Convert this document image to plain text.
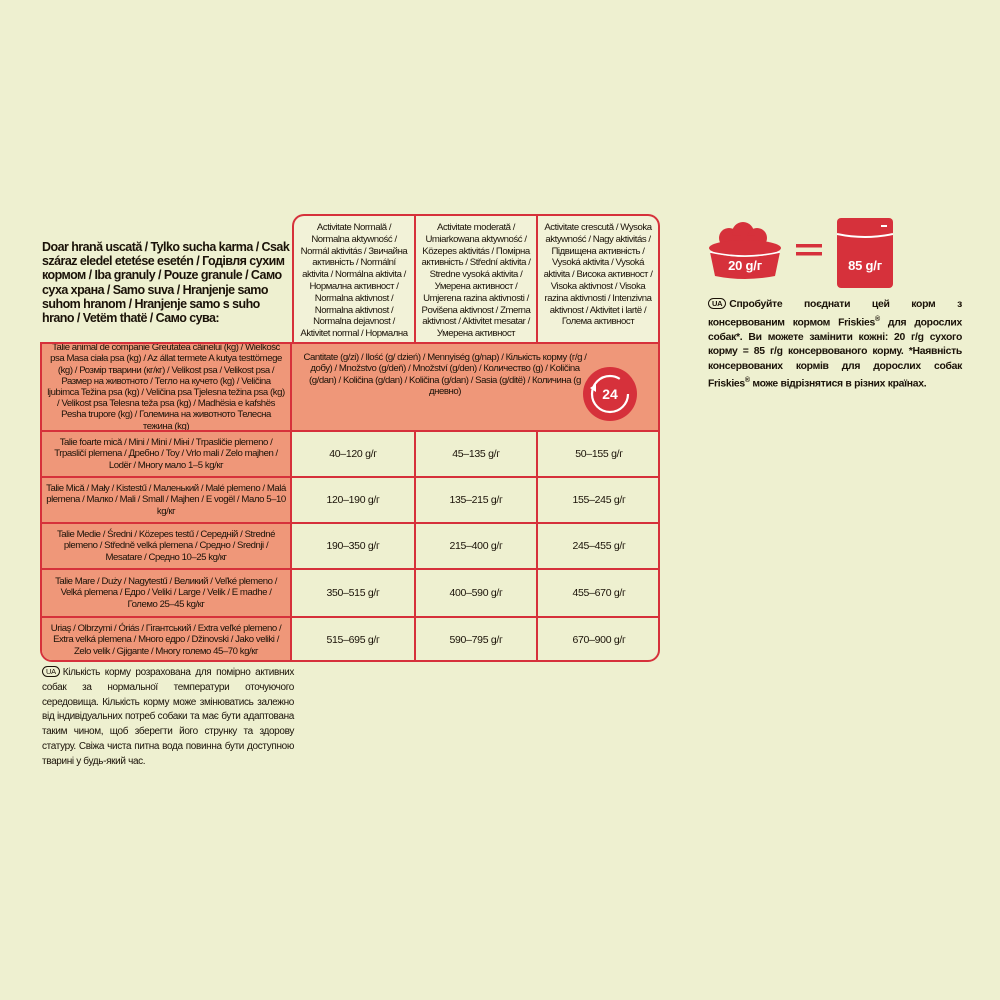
Doar hrană uscată / Tylko sucha karma / Csak száraz eledel etetése esetén / Годівля сухим кормом / Iba granuly / Pouze granule / Само суха храна / Samo suva / Hranjenje samo suhom hranom / Hranjenje samo s suho hrano / Vetëm thatë / Само сува:
Activitate Normală / Normalna aktywność / Normál aktivitás / Звичайна активність / Normální aktivita / Normálna aktivita / Нормална активност / Normalna aktivnost / Normalna aktivnost / Normalna dejavnost / Aktivitet normal / Нормална
Activitate moderată / Umiarkowana aktywność / Közepes aktivitás / Помірна активність / Střední aktivita / Stredne vysoká aktivita / Умерена активност / Umjerena razina aktivnosti / Povišena aktivnost / Zmerna aktivnost / Aktivitet mesatar / Умерена активност
Activitate crescută / Wysoka aktywność / Nagy aktivitás / Підвищена активність / Vysoká aktivita / Vysoká aktivita / Висока активност / Visoka aktivnost / Visoka razina aktivnosti / Intenzivna aktivnost / Aktivitet i lartë / Голема активност
Talie animal de companie Greutatea câinelui (kg) / Wielkość psa Masa ciała psa (kg) / Az állat termete A kutya testtömege (kg) / Розмір тварини (кг/кг) / Velikost psa / Velikost psa / Размер на животното / Тегло на кучето (kg) / Veličina ljubimca Težina psa (kg) / Veličina psa Tjelesna težina psa (kg) / Velikost psa Telesna teža psa (kg) / Madhësia e kafshës Pesha trupore (kg) / Големина на животното Телесна тежина (kg)
Cantitate (g/zi) / Ilość (g/ dzień) / Mennyiség (g/nap) / Кількість корму (г/g /добу) / Množstvo (g/deň) / Množství (g/den) / Количество (g) / Količina (g/dan) / Količina (g/dan) / Količina (g/dan) / Sasia (g/ditë) / Количина (g дневно)	24
Talie foarte mică / Mini / Mini / Міні / Trpasličie plemeno / Trpasličí plemena / Дребно / Toy / Vrlo mali / Zelo majhen / Lodër / Многу мало 1–5 kg/кг
40–120 g/г	45–135 g/г	50–155 g/г
Talie Mică / Mały / Kistestű / Маленький / Malé plemeno / Malá plemena / Малко / Mali / Small / Majhen / E vogël / Мало 5–10 kg/кг
120–190 g/г	135–215 g/г	155–245 g/г
Talie Medie / Średni / Közepes testű / Середній / Stredné plemeno / Středně velká plemena / Средно / Srednji / Mesatare / Средно 10–25 kg/кг
190–350 g/г	215–400 g/г	245–455 g/г
Talie Mare / Duży / Nagytestű / Великий / Veľké plemeno / Velká plemena / Едро / Veliki / Large / Velik / E madhe / Голeмо 25–45 kg/кг
350–515 g/г	400–590 g/г	455–670 g/г
Uriaş / Olbrzymi / Óriás / Гігантський / Extra veľké plemeno / Extra velká plemena / Много едро / Džinovski / Jako veliki / Zelo velik / Gjigante / Многу голeмо 45–70 kg/кг
515–695 g/г	590–795 g/г	670–900 g/г
UA Кількість корму розрахована для помірно активних собак за нормальної температури оточуючого середовища. Кількість корму може змінюватись залежно від індивідуальних потреб собаки та має бути адаптована таким чином, щоб зберегти його стрункy та здорову статуру. Свіжа чиста питна вода повинна бути доступною тварині у будь-який час.
20 g/г	85 g/г
UA Спробуйте поєднати цей корм з консервованим кормом Friskies® для дорослих собак*. Ви можете замінити кожні: 20 г/g сухого корму = 85 г/g консервованого корму. *Наявність консервованих кормів для дорослих собак Friskies® може відрізнятися в різних країнах.
